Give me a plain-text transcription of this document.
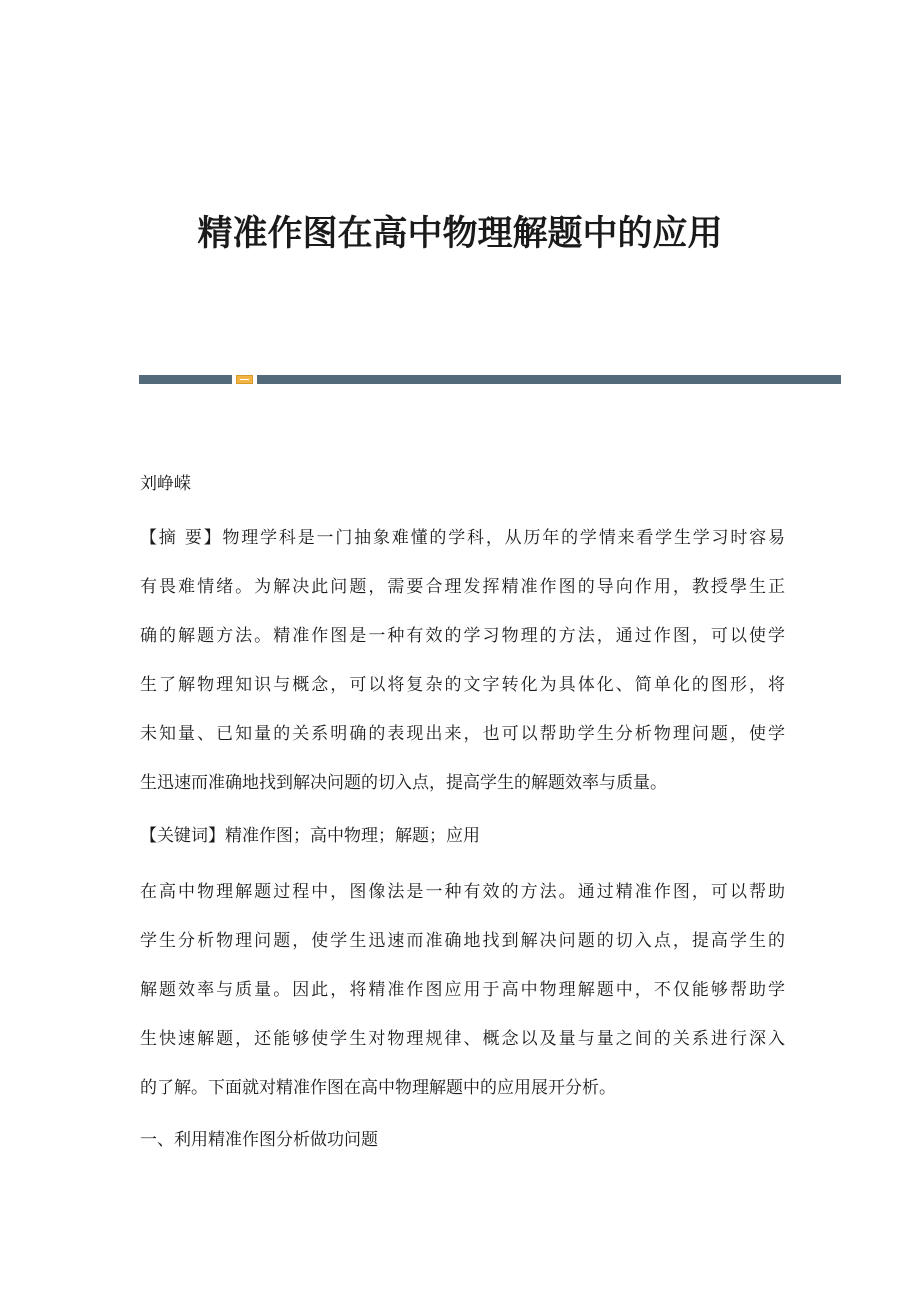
精准作图在高中物理解题中的应用
刘峥嵘
【摘 要】物理学科是一门抽象难懂的学科，从历年的学情来看学生学习时容易
有畏难情绪。为解决此问题，需要合理发挥精准作图的导向作用，教授學生正
确的解题方法。精准作图是一种有效的学习物理的方法，通过作图，可以使学
生了解物理知识与概念，可以将复杂的文字转化为具体化、简单化的图形，将
未知量、已知量的关系明确的表现出来，也可以帮助学生分析物理问题，使学
生迅速而准确地找到解决问题的切入点，提高学生的解题效率与质量。
【关键词】精准作图；高中物理；解题；应用
在高中物理解题过程中，图像法是一种有效的方法。通过精准作图，可以帮助
学生分析物理问题，使学生迅速而准确地找到解决问题的切入点，提高学生的
解题效率与质量。因此，将精准作图应用于高中物理解题中，不仅能够帮助学
生快速解题，还能够使学生对物理规律、概念以及量与量之间的关系进行深入
的了解。下面就对精准作图在高中物理解题中的应用展开分析。
一、利用精准作图分析做功问题
